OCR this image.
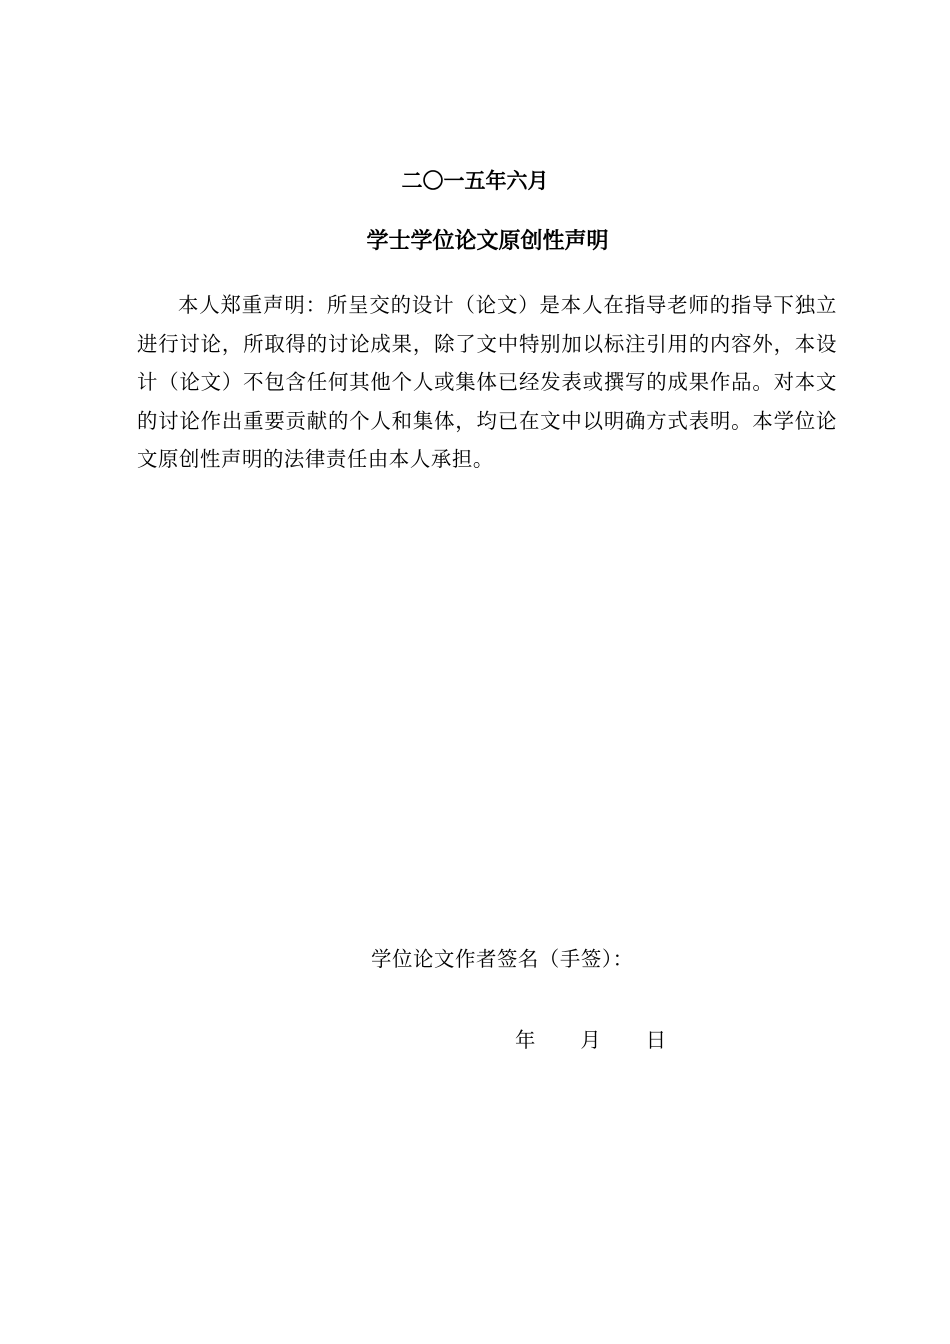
二〇一五年六月
学士学位论文原创性声明

本人郑重声明：所呈交的设计（论文）是本人在指导老师的指导下独立进行讨论，所取得的讨论成果，除了文中特别加以标注引用的内容外，本设计（论文）不包含任何其他个人或集体已经发表或撰写的成果作品。对本文的讨论作出重要贡献的个人和集体，均已在文中以明确方式表明。本学位论文原创性声明的法律责任由本人承担。

学位论文作者签名（手签）：
年 月 日
